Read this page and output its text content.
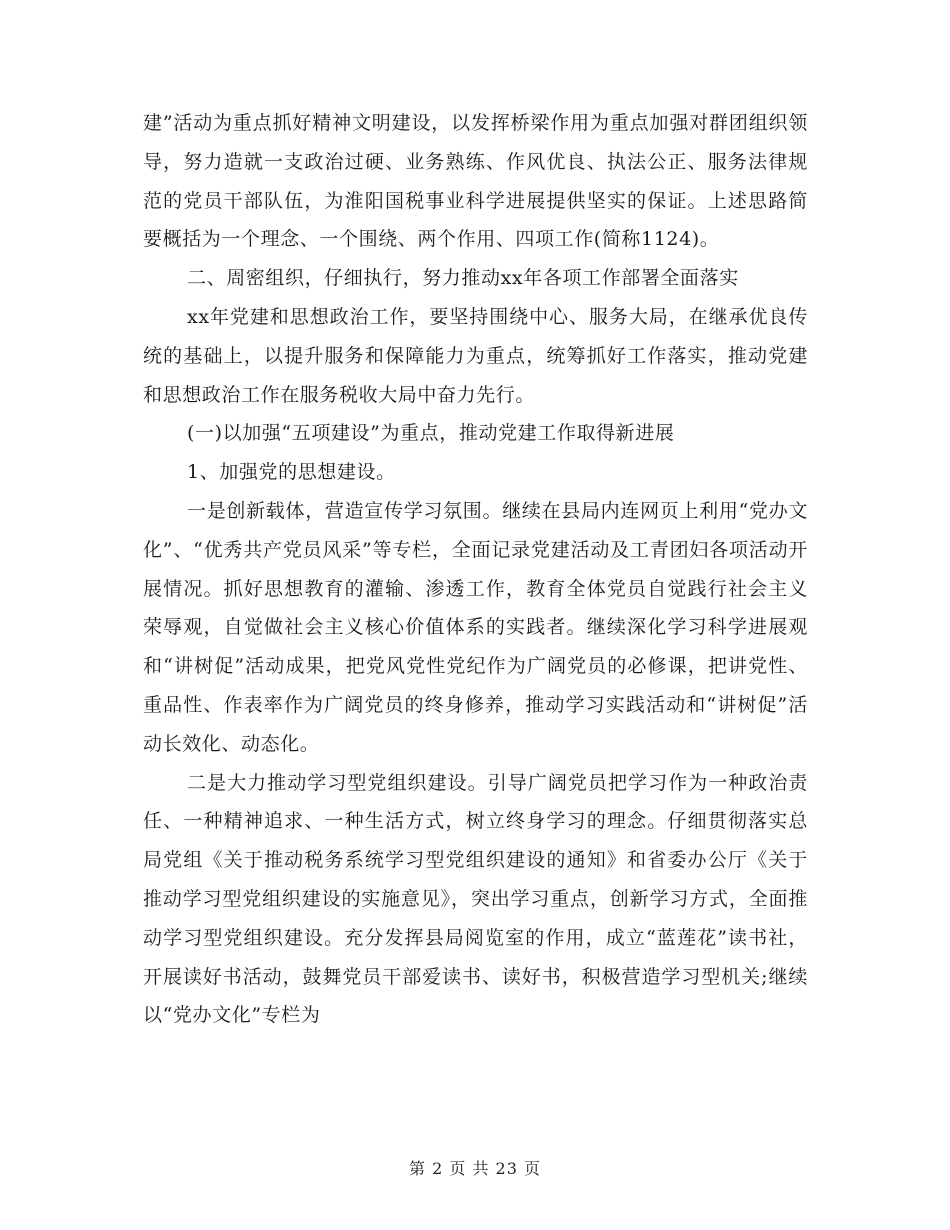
建”活动为重点抓好精神文明建设，以发挥桥梁作用为重点加强对群团组织领导，努力造就一支政治过硬、业务熟练、作风优良、执法公正、服务法律规范的党员干部队伍，为淮阳国税事业科学进展提供坚实的保证。上述思路简要概括为一个理念、一个围绕、两个作用、四项工作(简称1124)。

二、周密组织，仔细执行，努力推动xx年各项工作部署全面落实

xx年党建和思想政治工作，要坚持围绕中心、服务大局，在继承优良传统的基础上，以提升服务和保障能力为重点，统筹抓好工作落实，推动党建和思想政治工作在服务税收大局中奋力先行。

(一)以加强“五项建设”为重点，推动党建工作取得新进展

1、加强党的思想建设。

一是创新载体，营造宣传学习氛围。继续在县局内连网页上利用“党办文化”、“优秀共产党员风采”等专栏，全面记录党建活动及工青团妇各项活动开展情况。抓好思想教育的灌输、渗透工作，教育全体党员自觉践行社会主义荣辱观，自觉做社会主义核心价值体系的实践者。继续深化学习科学进展观和“讲树促”活动成果，把党风党性党纪作为广阔党员的必修课，把讲党性、重品性、作表率作为广阔党员的终身修养，推动学习实践活动和“讲树促”活动长效化、动态化。

二是大力推动学习型党组织建设。引导广阔党员把学习作为一种政治责任、一种精神追求、一种生活方式，树立终身学习的理念。仔细贯彻落实总局党组《关于推动税务系统学习型党组织建设的通知》和省委办公厅《关于推动学习型党组织建设的实施意见》，突出学习重点，创新学习方式，全面推动学习型党组织建设。充分发挥县局阅览室的作用，成立“蓝莲花”读书社，开展读好书活动，鼓舞党员干部爱读书、读好书，积极营造学习型机关;继续以“党办文化”专栏为

第 2 页 共 23 页
